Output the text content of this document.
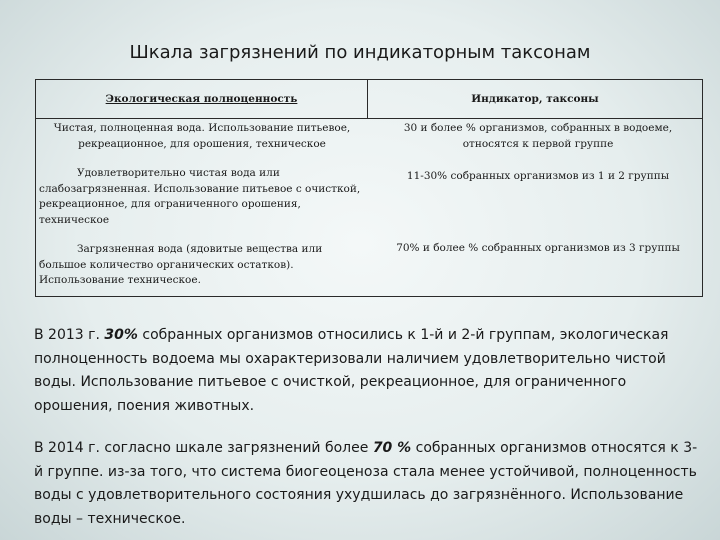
Шкала загрязнений по индикаторным таксонам
Экологическая полноценность	Индикатор, таксоны
Чистая, полноценная вода. Использование питьевое, рекреационное, для орошения, техническое
30 и более % организмов, собранных в водоеме, относятся к первой группе
Удовлетворительно чистая вода или
слабозагрязненная. Использование питьевое с очисткой, рекреационное, для ограниченного орошения, техническое
11-30% собранных организмов из 1 и 2 группы
Загрязненная вода (ядовитые вещества или
большое количество органических остатков). Использование техническое.
70% и более % собранных организмов из 3 группы
В 2013 г. 30% собранных организмов относились к 1-й и 2-й группам, экологическая полноценность водоема мы охарактеризовали наличием удовлетворительно чистой воды. Использование питьевое с очисткой, рекреационное, для ограниченного орошения, поения животных.
В 2014 г. согласно шкале загрязнений более 70 % собранных организмов относятся к 3-й группе. из-за того, что система биогеоценоза стала менее устойчивой, полноценность воды с удовлетворительного состояния ухудшилась до загрязнённого. Использование воды – техническое.
